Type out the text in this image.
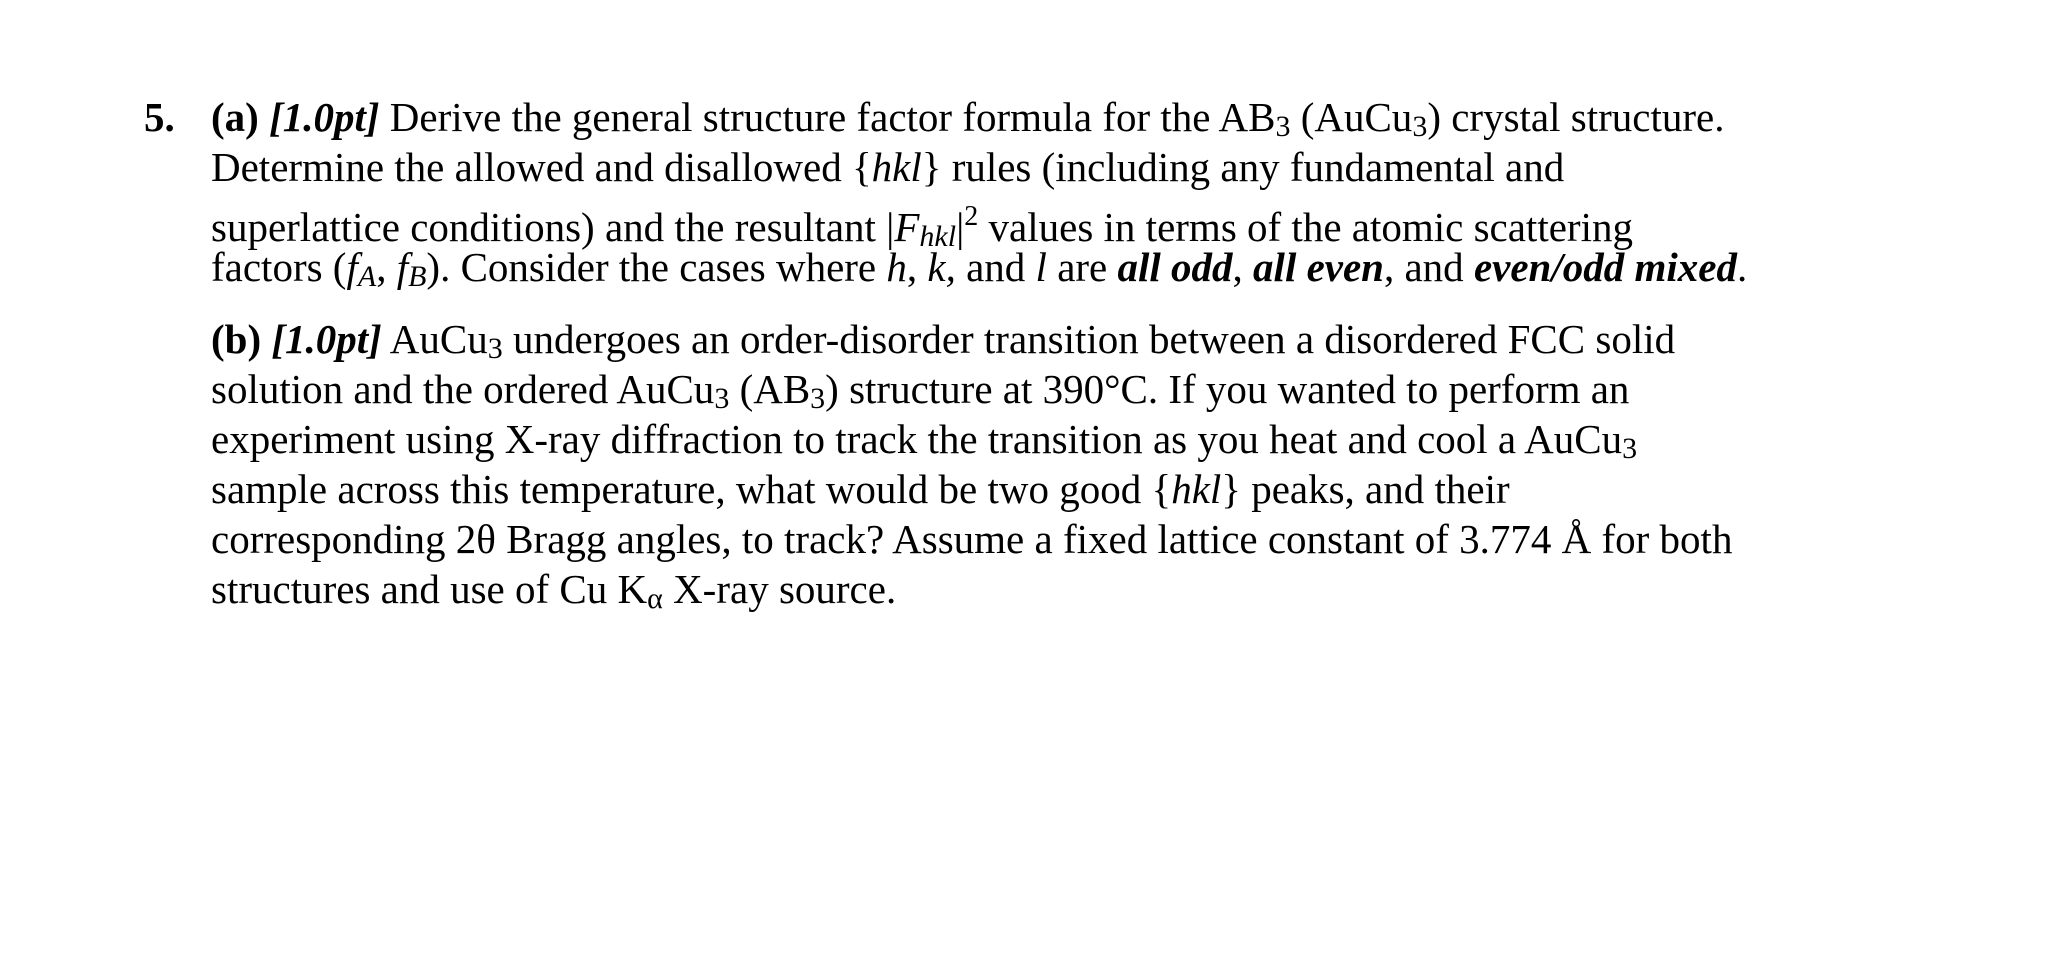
5. (a) [1.0pt] Derive the general structure factor formula for the AB3 (AuCu3) crystal structure.
Determine the allowed and disallowed {hkl} rules (including any fundamental and
superlattice conditions) and the resultant $|Fhkl|^2$ values in terms of the atomic scattering
factors (fA, fB). Consider the cases where h, k, and l are all odd, all even, and even/odd mixed.
(b) [1.0pt] AuCu3 undergoes an order-disorder transition between a disordered FCC solid
solution and the ordered AuCu3 (AB3) structure at 390°C. If you wanted to perform an
experiment using X-ray diffraction to track the transition as you heat and cool a AuCu3
sample across this temperature, what would be two good {hkl} peaks, and their
corresponding 2θ Bragg angles, to track? Assume a fixed lattice constant of 3.774 Å for both
structures and use of Cu Kα X-ray source.
